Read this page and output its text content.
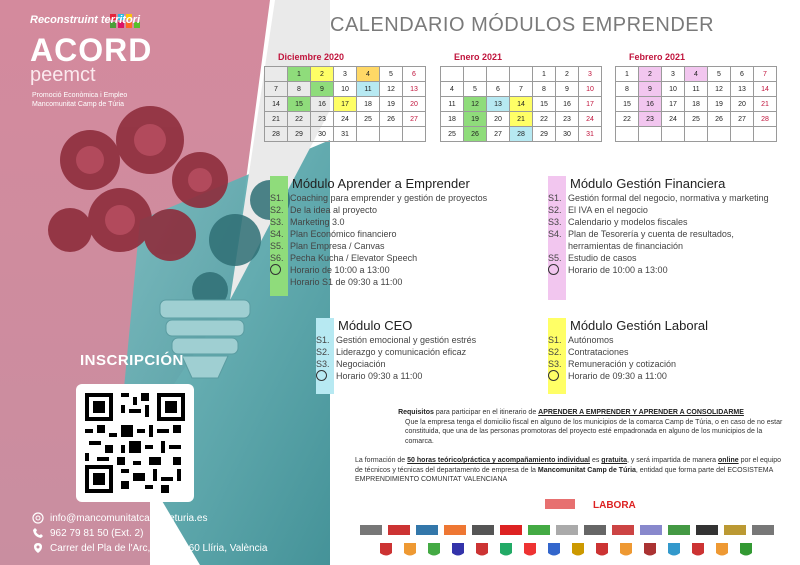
Reconstruint territori
ACORD
peemct
Promoció Econòmica i Empleo
Mancomunitat Camp de Túria
INSCRIPCIÓN
info@mancomunitatcampdeturia.es
962 79 81 50 (Ext. 2)
Carrer del Pla de l'Arc, s/n, 46160 Llíria, València
CALENDARIO MÓDULOS EMPRENDER
Diciembre 2020
	1	2	3	4	5	6
7	8	9	10	11	12	13
14	15	16	17	18	19	20
21	22	23	24	25	26	27
28	29	30	31			
Enero 2021
				1	2	3
4	5	6	7	8	9	10
11	12	13	14	15	16	17
18	19	20	21	22	23	24
25	26	27	28	29	30	31
Febrero 2021
1	2	3	4	5	6	7
8	9	10	11	12	13	14
15	16	17	18	19	20	21
22	23	24	25	26	27	28

Módulo Aprender a Emprender
S1. Coaching para emprender y gestión de proyectos
S2. De la idea al proyecto
S3. Marketing 3.0
S4. Plan Económico financiero
S5. Plan Empresa / Canvas
S6. Pecha Kucha / Elevator Speech
Horario de 10:00 a 13:00
Horario S1 de 09:30 a 11:00
Módulo Gestión Financiera
S1. Gestión formal del negocio, normativa y marketing
S2. El IVA en el negocio
S3. Calendario y modelos fiscales
S4. Plan de Tesorería y cuenta de resultados, herramientas de financiación
S5. Estudio de casos
Horario de 10:00 a 13:00
Módulo CEO
S1. Gestión emocional y gestión estrés
S2. Liderazgo y comunicación eficaz
S3. Negociación
Horario 09:30 a 11:00
Módulo Gestión Laboral
S1. Autónomos
S2. Contrataciones
S3. Remuneración y cotización
Horario de 09:30 a 11:00
Requisitos para participar en el itinerario de APRENDER A EMPRENDER Y APRENDER A CONSOLIDARME
Que la empresa tenga el domicilio fiscal en alguno de los municipios de la comarca Camp de Túria, o en caso de no estar constituida, que una de las personas promotoras del proyecto esté empadronada en alguno de los municipios de la comarca.
La formación de 50 horas teórico/práctica y acompañamiento individual es gratuita, y será impartida de manera online por el equipo de técnicos y técnicas del departamento de empresa de la Mancomunitat Camp de Túria, entidad que forma parte del ECOSISTEMA EMPRENDIMIENTO COMUNITAT VALENCIANA
LABORA
